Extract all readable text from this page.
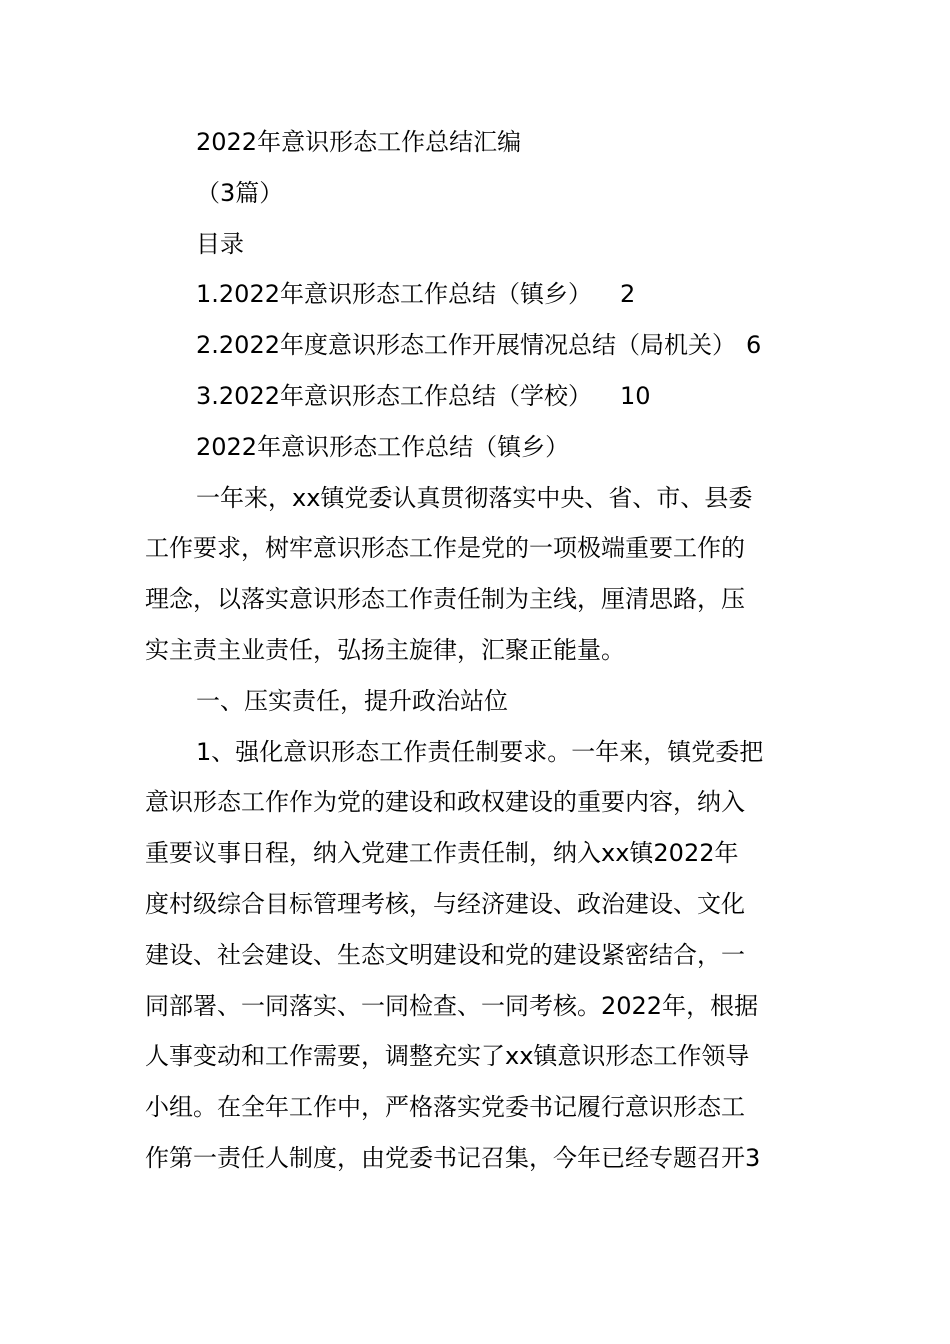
2022年意识形态工作总结汇编
（3篇）
目录
1.2022年意识形态工作总结（镇乡） 2
2.2022年度意识形态工作开展情况总结（局机关） 6
3.2022年意识形态工作总结（学校） 10
2022年意识形态工作总结（镇乡）
一年来，xx镇党委认真贯彻落实中央、省、市、县委
工作要求，树牢意识形态工作是党的一项极端重要工作的
理念，以落实意识形态工作责任制为主线，厘清思路，压
实主责主业责任，弘扬主旋律，汇聚正能量。
一、压实责任，提升政治站位
1、强化意识形态工作责任制要求。一年来，镇党委把
意识形态工作作为党的建设和政权建设的重要内容，纳入
重要议事日程，纳入党建工作责任制，纳入xx镇2022年
度村级综合目标管理考核，与经济建设、政治建设、文化
建设、社会建设、生态文明建设和党的建设紧密结合，一
同部署、一同落实、一同检查、一同考核。2022年，根据
人事变动和工作需要，调整充实了xx镇意识形态工作领导
小组。在全年工作中，严格落实党委书记履行意识形态工
作第一责任人制度，由党委书记召集，今年已经专题召开3
